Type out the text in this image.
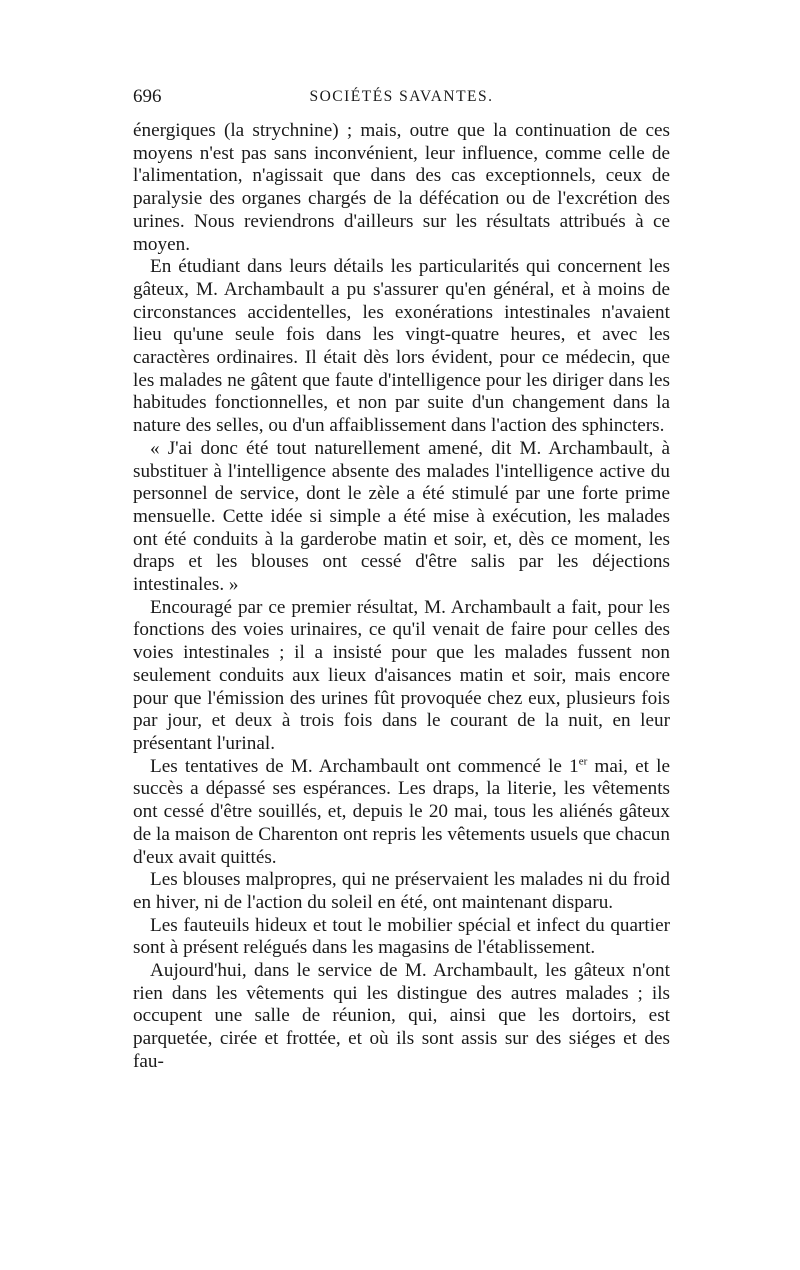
696	SOCIÉTÉS SAVANTES.

énergiques (la strychnine) ; mais, outre que la continuation de ces moyens n'est pas sans inconvénient, leur influence, comme celle de l'alimentation, n'agissait que dans des cas exceptionnels, ceux de paralysie des organes chargés de la défécation ou de l'excrétion des urines. Nous reviendrons d'ailleurs sur les résultats attribués à ce moyen.

En étudiant dans leurs détails les particularités qui concernent les gâteux, M. Archambault a pu s'assurer qu'en général, et à moins de circonstances accidentelles, les exonérations intestinales n'avaient lieu qu'une seule fois dans les vingt-quatre heures, et avec les caractères ordinaires. Il était dès lors évident, pour ce médecin, que les malades ne gâtent que faute d'intelligence pour les diriger dans les habitudes fonctionnelles, et non par suite d'un changement dans la nature des selles, ou d'un affaiblissement dans l'action des sphincters.

« J'ai donc été tout naturellement amené, dit M. Archambault, à substituer à l'intelligence absente des malades l'intelligence active du personnel de service, dont le zèle a été stimulé par une forte prime mensuelle. Cette idée si simple a été mise à exécution, les malades ont été conduits à la garderobe matin et soir, et, dès ce moment, les draps et les blouses ont cessé d'être salis par les déjections intestinales. »

Encouragé par ce premier résultat, M. Archambault a fait, pour les fonctions des voies urinaires, ce qu'il venait de faire pour celles des voies intestinales ; il a insisté pour que les malades fussent non seulement conduits aux lieux d'aisances matin et soir, mais encore pour que l'émission des urines fût provoquée chez eux, plusieurs fois par jour, et deux à trois fois dans le courant de la nuit, en leur présentant l'urinal.

Les tentatives de M. Archambault ont commencé le 1er mai, et le succès a dépassé ses espérances. Les draps, la literie, les vêtements ont cessé d'être souillés, et, depuis le 20 mai, tous les aliénés gâteux de la maison de Charenton ont repris les vêtements usuels que chacun d'eux avait quittés.

Les blouses malpropres, qui ne préservaient les malades ni du froid en hiver, ni de l'action du soleil en été, ont maintenant disparu.

Les fauteuils hideux et tout le mobilier spécial et infect du quartier sont à présent relégués dans les magasins de l'établissement.

Aujourd'hui, dans le service de M. Archambault, les gâteux n'ont rien dans les vêtements qui les distingue des autres malades ; ils occupent une salle de réunion, qui, ainsi que les dortoirs, est parquetée, cirée et frottée, et où ils sont assis sur des siéges et des fau-
